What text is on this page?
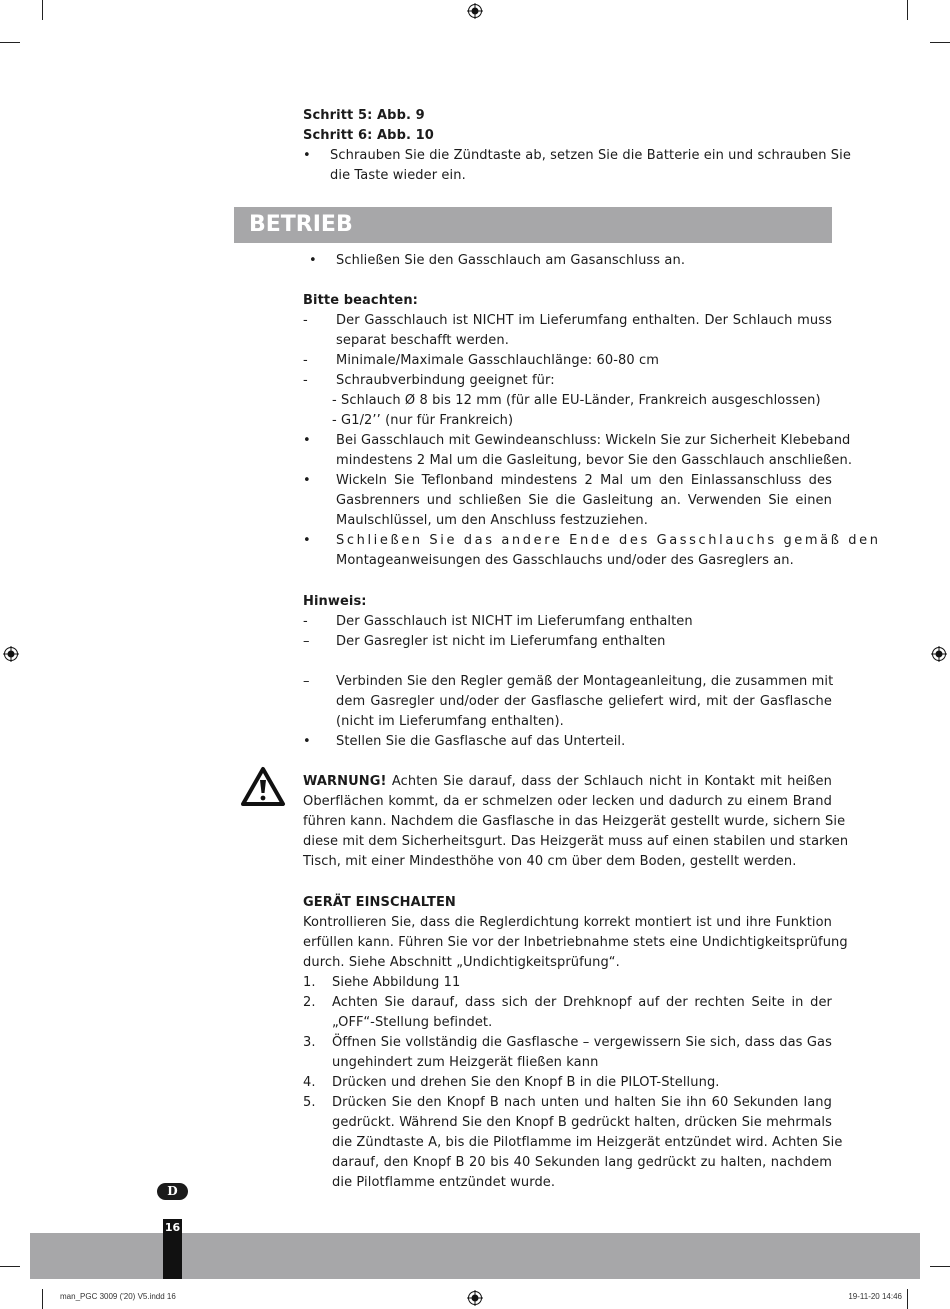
Schritt 5: Abb. 9
Schritt 6: Abb. 10
• Schrauben Sie die Zündtaste ab, setzen Sie die Batterie ein und schrauben Sie
die Taste wieder ein.
BETRIEB
• Schließen Sie den Gasschlauch am Gasanschluss an.
Bitte beachten:
- Der Gasschlauch ist NICHT im Lieferumfang enthalten. Der Schlauch muss
separat beschafft werden.
- Minimale/Maximale Gasschlauchlänge: 60-80 cm
- Schraubverbindung geeignet für:
- Schlauch Ø 8 bis 12 mm (für alle EU-Länder, Frankreich ausgeschlossen)
- G1/2’’ (nur für Frankreich)
• Bei Gasschlauch mit Gewindeanschluss: Wickeln Sie zur Sicherheit Klebeband
mindestens 2 Mal um die Gasleitung, bevor Sie den Gasschlauch anschließen.
• Wickeln Sie Teflonband mindestens 2 Mal um den Einlassanschluss des
Gasbrenners und schließen Sie die Gasleitung an. Verwenden Sie einen
Maulschlüssel, um den Anschluss festzuziehen.
• Schließen Sie das andere Ende des Gasschlauchs gemäß den
Montageanweisungen des Gasschlauchs und/oder des Gasreglers an.
Hinweis:
- Der Gasschlauch ist NICHT im Lieferumfang enthalten
– Der Gasregler ist nicht im Lieferumfang enthalten
– Verbinden Sie den Regler gemäß der Montageanleitung, die zusammen mit
dem Gasregler und/oder der Gasflasche geliefert wird, mit der Gasflasche
(nicht im Lieferumfang enthalten).
• Stellen Sie die Gasflasche auf das Unterteil.
WARNUNG! Achten Sie darauf, dass der Schlauch nicht in Kontakt mit heißen
Oberflächen kommt, da er schmelzen oder lecken und dadurch zu einem Brand
führen kann. Nachdem die Gasflasche in das Heizgerät gestellt wurde, sichern Sie
diese mit dem Sicherheitsgurt. Das Heizgerät muss auf einen stabilen und starken
Tisch, mit einer Mindesthöhe von 40 cm über dem Boden, gestellt werden.
GERÄT EINSCHALTEN
Kontrollieren Sie, dass die Reglerdichtung korrekt montiert ist und ihre Funktion
erfüllen kann. Führen Sie vor der Inbetriebnahme stets eine Undichtigkeitsprüfung
durch. Siehe Abschnitt „Undichtigkeitsprüfung“.
1. Siehe Abbildung 11
2. Achten Sie darauf, dass sich der Drehknopf auf der rechten Seite in der
„OFF“-Stellung befindet.
3. Öffnen Sie vollständig die Gasflasche – vergewissern Sie sich, dass das Gas
ungehindert zum Heizgerät fließen kann
4. Drücken und drehen Sie den Knopf B in die PILOT-Stellung.
5. Drücken Sie den Knopf B nach unten und halten Sie ihn 60 Sekunden lang
gedrückt. Während Sie den Knopf B gedrückt halten, drücken Sie mehrmals
die Zündtaste A, bis die Pilotflamme im Heizgerät entzündet wird. Achten Sie
darauf, den Knopf B 20 bis 40 Sekunden lang gedrückt zu halten, nachdem
die Pilotflamme entzündet wurde.
D
16
man_PGC 3009 ('20) V5.indd 16	19-11-20 14:46
